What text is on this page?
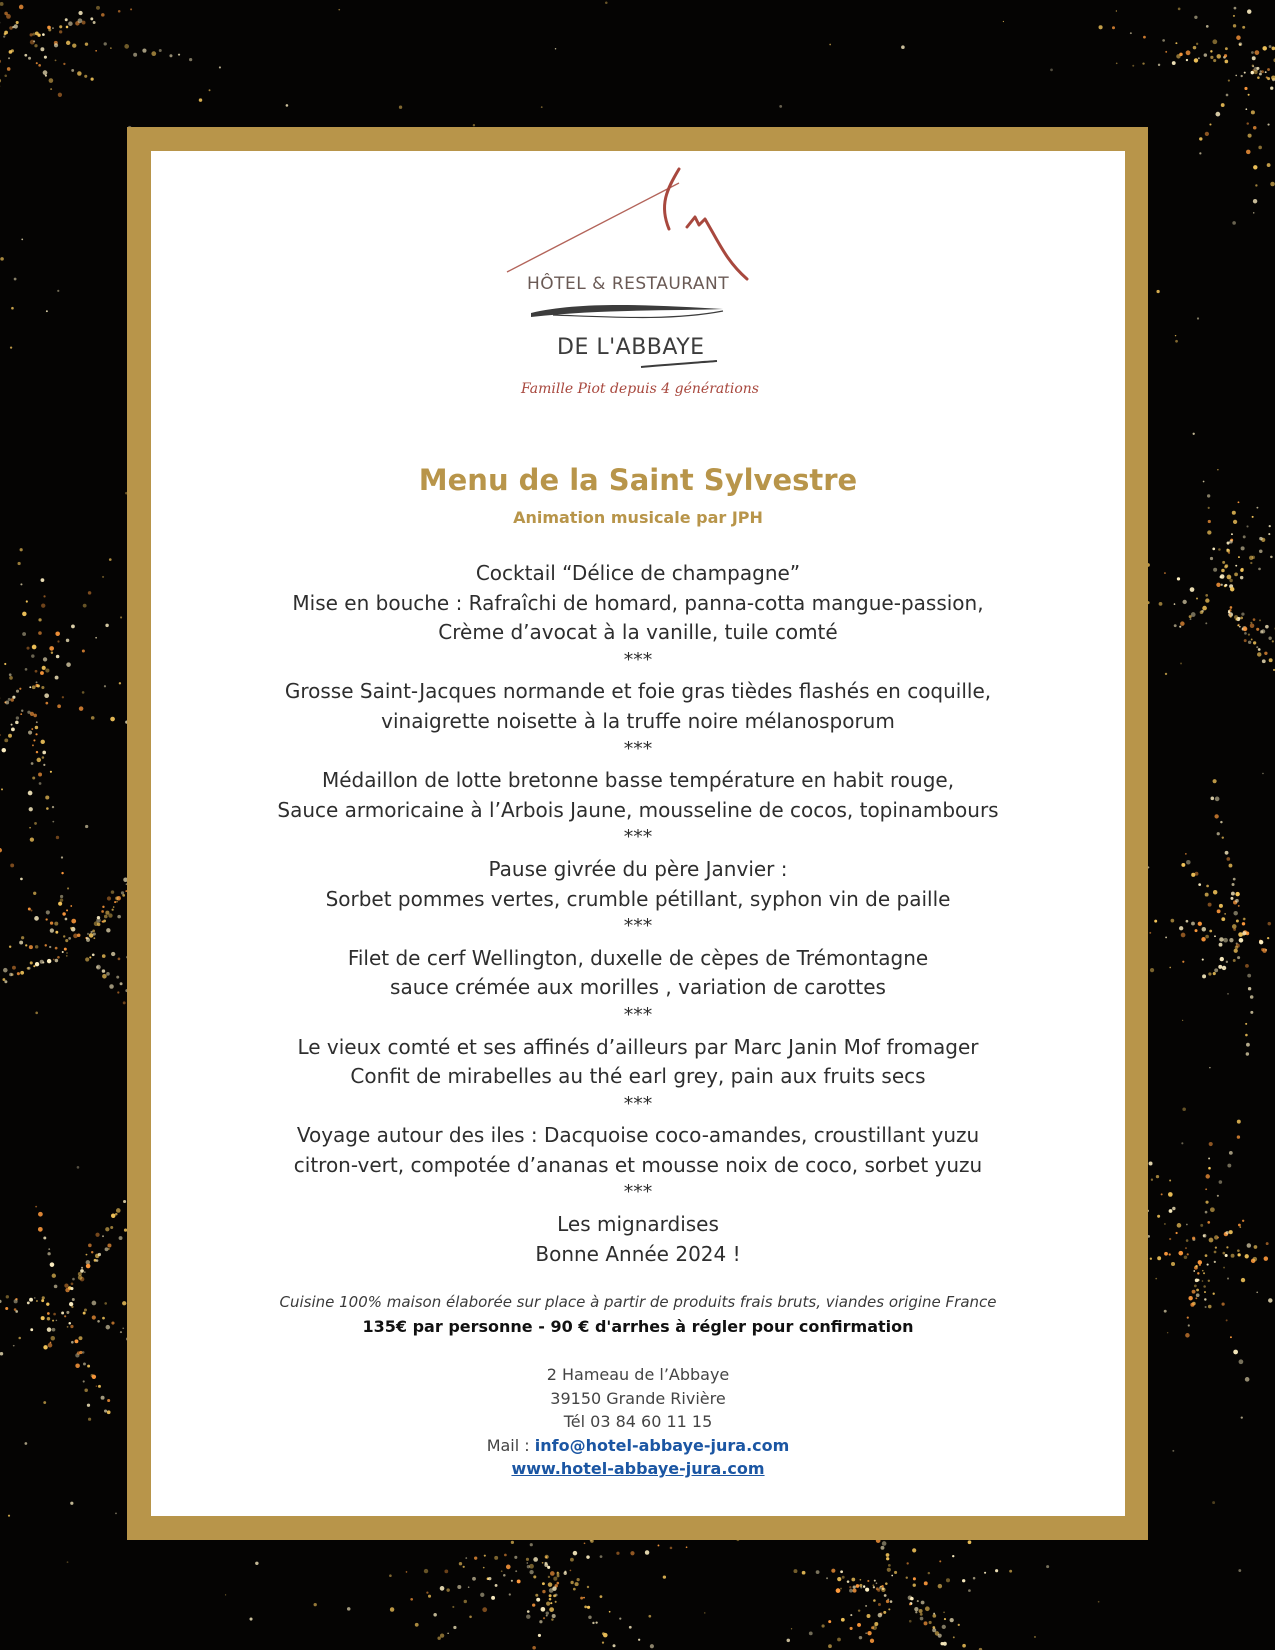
HÔTEL & RESTAURANT
DE L'ABBAYE
Famille Piot depuis 4 générations
Menu de la Saint Sylvestre
Animation musicale par JPH
Cocktail “Délice de champagne”
Mise en bouche : Rafraîchi de homard, panna-cotta mangue-passion,
Crème d’avocat à la vanille, tuile comté
***
Grosse Saint-Jacques normande et foie gras tièdes flashés en coquille,
vinaigrette noisette à la truffe noire mélanosporum
***
Médaillon de lotte bretonne basse température en habit rouge,
Sauce armoricaine à l’Arbois Jaune, mousseline de cocos, topinambours
***
Pause givrée du père Janvier :
Sorbet pommes vertes, crumble pétillant, syphon vin de paille
***
Filet de cerf Wellington, duxelle de cèpes de Trémontagne
sauce crémée aux morilles , variation de carottes
***
Le vieux comté et ses affinés d’ailleurs par Marc Janin Mof fromager
Confit de mirabelles au thé earl grey, pain aux fruits secs
***
Voyage autour des iles : Dacquoise coco-amandes, croustillant yuzu
citron-vert, compotée d’ananas et mousse noix de coco, sorbet yuzu
***
Les mignardises
Bonne Année 2024 !
Cuisine 100% maison élaborée sur place à partir de produits frais bruts, viandes origine France
135€ par personne - 90 € d'arrhes à régler pour confirmation
2 Hameau de l’Abbaye
39150 Grande Rivière
Tél 03 84 60 11 15
Mail : info@hotel-abbaye-jura.com
www.hotel-abbaye-jura.com
